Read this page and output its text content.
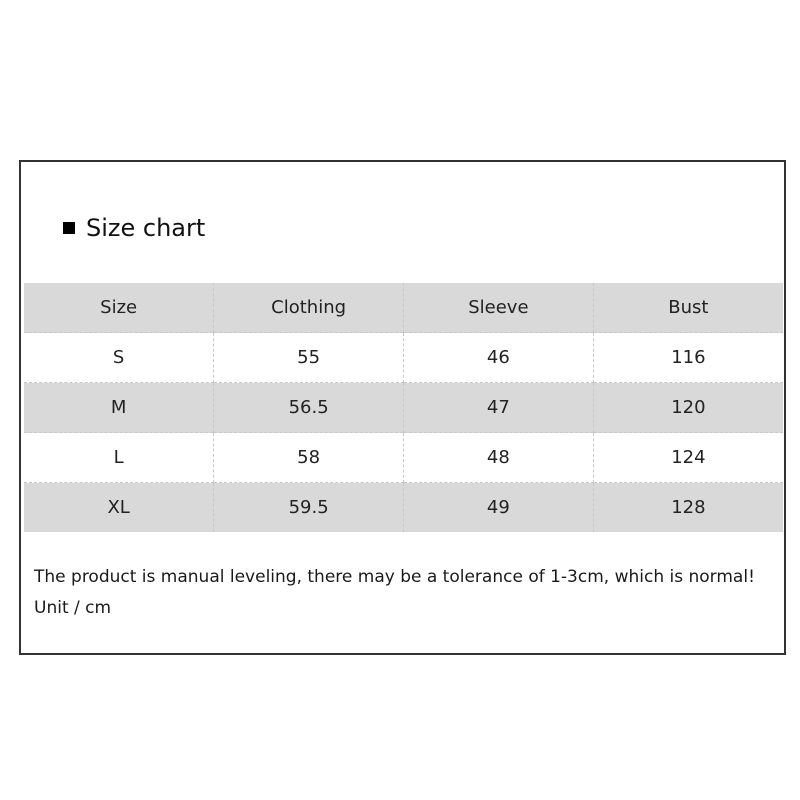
Size chart
Size	Clothing	Sleeve	Bust
S	55	46	116
M	56.5	47	120
L	58	48	124
XL	59.5	49	128
The product is manual leveling, there may be a tolerance of 1-3cm, which is normal! Unit / cm
